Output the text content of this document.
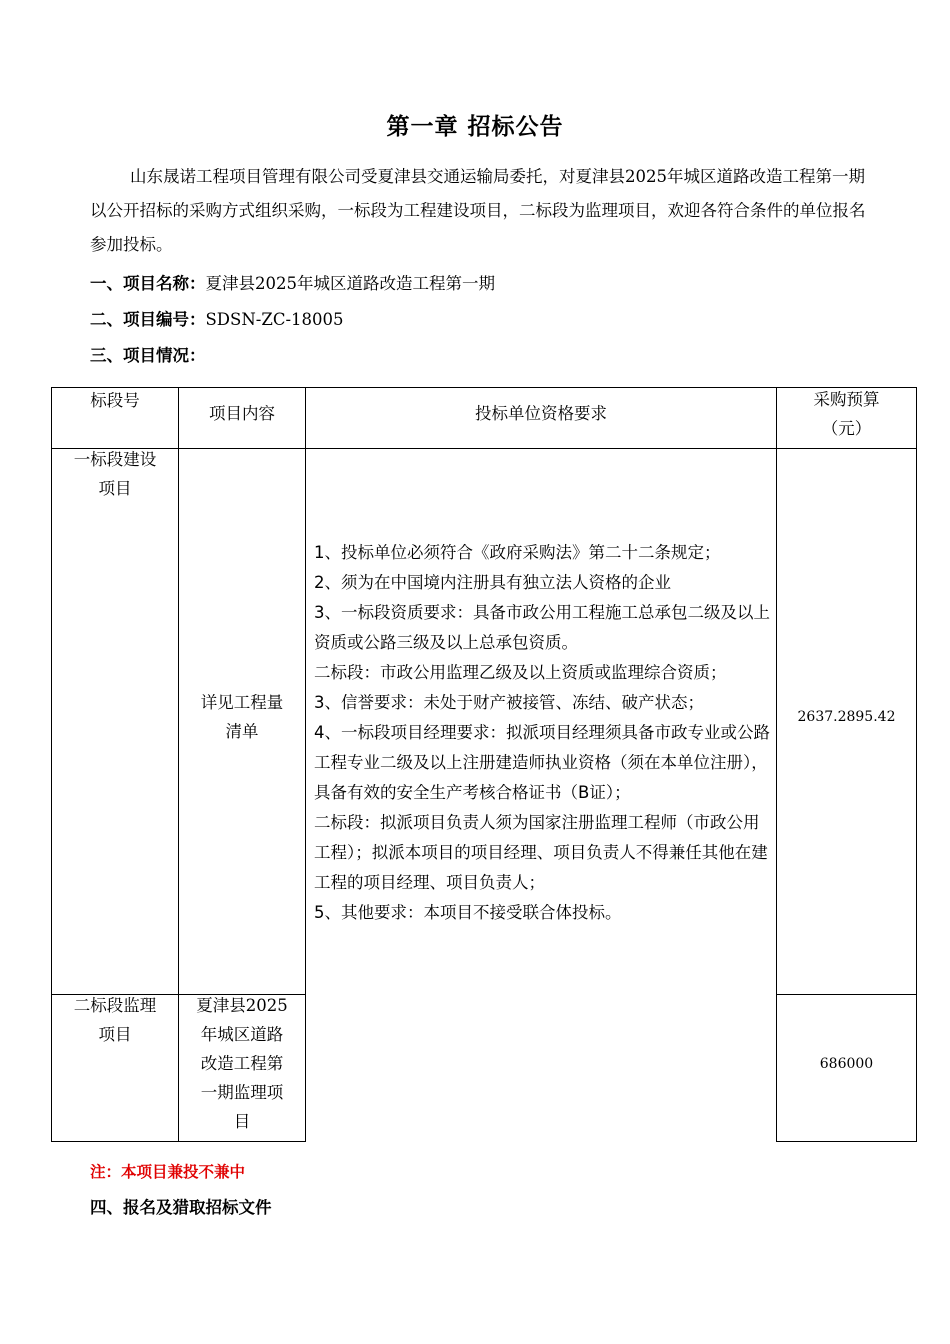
第一章 招标公告
山东晟诺工程项目管理有限公司受夏津县交通运输局委托，对夏津县2025年城区道路改造工程第一期以公开招标的采购方式组织采购，一标段为工程建设项目，二标段为监理项目，欢迎各符合条件的单位报名参加投标。
一、项目名称：夏津县2025年城区道路改造工程第一期
二、项目编号：SDSN-ZC-18005
三、项目情况：
标段号
项目内容	投标单位资格要求
采购预算
（元）
一标段建设
项目
详见工程量
清单
2637.2895.42
二标段监理
项目
夏津县2025
年城区道路
改造工程第
一期监理项
目
686000

1、投标单位必须符合《政府采购法》第二十二条规定；

2、须为在中国境内注册具有独立法人资格的企业

3、一标段资质要求：具备市政公用工程施工总承包二级及以上资质或公路三级及以上总承包资质。

二标段：市政公用监理乙级及以上资质或监理综合资质；

3、信誉要求：未处于财产被接管、冻结、破产状态；

4、一标段项目经理要求：拟派项目经理须具备市政专业或公路工程专业二级及以上注册建造师执业资格（须在本单位注册），具备有效的安全生产考核合格证书（B证）；

二标段：拟派项目负责人须为国家注册监理工程师（市政公用工程）；拟派本项目的项目经理、项目负责人不得兼任其他在建工程的项目经理、项目负责人；

5、其他要求：本项目不接受联合体投标。

注：本项目兼投不兼中
四、报名及猎取招标文件
